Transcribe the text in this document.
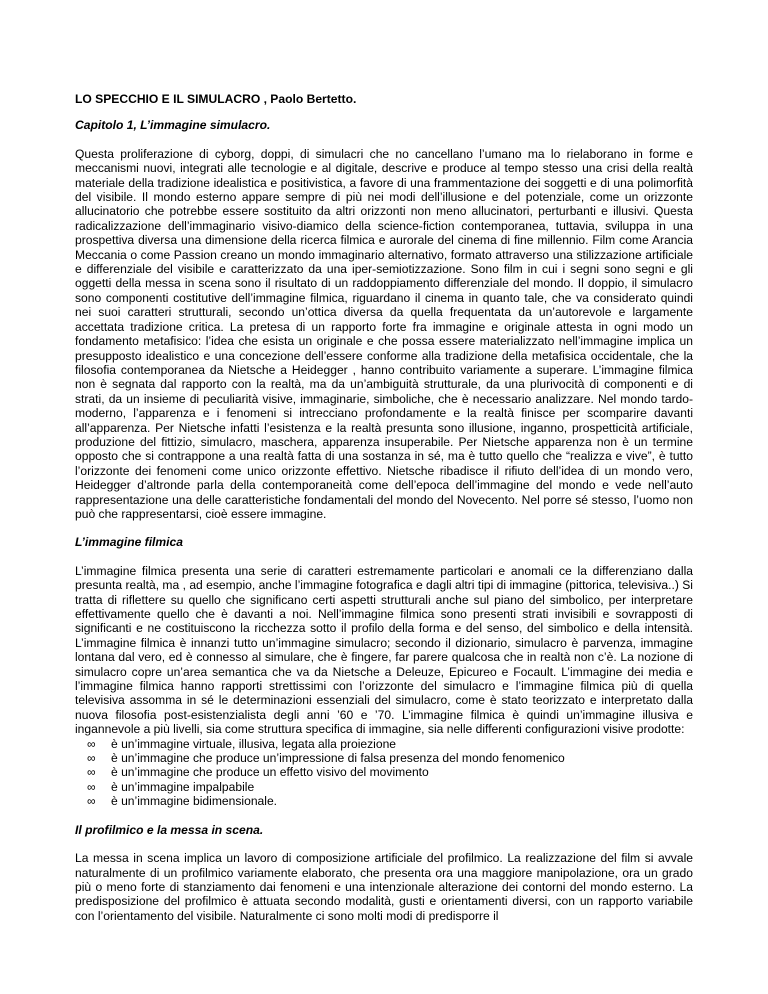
LO SPECCHIO E IL SIMULACRO , Paolo Bertetto.
Capitolo 1, L’immagine simulacro.
Questa proliferazione di cyborg, doppi, di simulacri che no cancellano l’umano ma lo rielaborano in forme e meccanismi nuovi, integrati alle tecnologie e al digitale, descrive e produce al tempo stesso una crisi della realtà materiale della tradizione idealistica e positivistica, a favore di una frammentazione dei soggetti e di una polimorfità del visibile. Il mondo esterno appare sempre di più nei modi dell’illusione e del potenziale, come un orizzonte allucinatorio che potrebbe essere sostituito da altri orizzonti non meno allucinatori, perturbanti e illusivi. Questa radicalizzazione dell’immaginario visivo-diamico della science-fiction contemporanea, tuttavia, sviluppa in una prospettiva diversa una dimensione della ricerca filmica e aurorale del cinema di fine millennio. Film come Arancia Meccania o come Passion creano un mondo immaginario alternativo, formato attraverso una stilizzazione artificiale e differenziale del visibile e caratterizzato da una iper-semiotizzazione. Sono film in cui i segni sono segni e gli oggetti della messa in scena sono il risultato di un raddoppiamento differenziale del mondo. Il doppio, il simulacro sono componenti costitutive dell’immagine filmica, riguardano il cinema in quanto tale, che va considerato quindi nei suoi caratteri strutturali, secondo un’ottica diversa da quella frequentata da un’autorevole e largamente accettata tradizione critica. La pretesa di un rapporto forte fra immagine e originale attesta in ogni modo un fondamento metafisico: l’idea che esista un originale e che possa essere materializzato nell’immagine implica un presupposto idealistico e una concezione dell’essere conforme alla tradizione della metafisica occidentale, che la filosofia contemporanea da Nietsche a Heidegger , hanno contribuito variamente a superare. L’immagine filmica non è segnata dal rapporto con la realtà, ma da un’ambiguità strutturale, da una plurivocità di componenti e di strati, da un insieme di peculiarità visive, immaginarie, simboliche, che è necessario analizzare. Nel mondo tardo-moderno, l’apparenza e i fenomeni si intrecciano profondamente e la realtà finisce per scomparire davanti all’apparenza. Per Nietsche infatti l’esistenza e la realtà presunta sono illusione, inganno, prospetticità artificiale, produzione del fittizio, simulacro, maschera, apparenza insuperabile. Per Nietsche apparenza non è un termine opposto che si contrappone a una realtà fatta di una sostanza in sé, ma è tutto quello che “realizza e vive”, è tutto l’orizzonte dei fenomeni come unico orizzonte effettivo. Nietsche ribadisce il rifiuto dell’idea di un mondo vero, Heidegger d’altronde parla della contemporaneità come dell’epoca dell’immagine del mondo e vede nell’auto rappresentazione una delle caratteristiche fondamentali del mondo del Novecento. Nel porre sé stesso, l’uomo non può che rappresentarsi, cioè essere immagine.
L’immagine filmica
L’immagine filmica presenta una serie di caratteri estremamente particolari e anomali ce la differenziano dalla presunta realtà, ma , ad esempio, anche l’immagine fotografica e dagli altri tipi di immagine (pittorica, televisiva..) Si tratta di riflettere su quello che significano certi aspetti strutturali anche sul piano del simbolico, per interpretare effettivamente quello che è davanti a noi. Nell’immagine filmica sono presenti strati invisibili e sovrapposti di significanti e ne costituiscono la ricchezza sotto il profilo della forma e del senso, del simbolico e della intensità. L’immagine filmica è innanzi tutto un’immagine simulacro; secondo il dizionario, simulacro è parvenza, immagine lontana dal vero, ed è connesso al simulare, che è fingere, far parere qualcosa che in realtà non c’è. La nozione di simulacro copre un’area semantica che va da Nietsche a Deleuze, Epicureo e Focault. L’immagine dei media e l’immagine filmica hanno rapporti strettissimi con l’orizzonte del simulacro e l’immagine filmica più di quella televisiva assomma in sé le determinazioni essenziali del simulacro, come è stato teorizzato e interpretato dalla nuova filosofia post-esistenzialista degli anni ’60 e ’70. L’immagine filmica è quindi un’immagine illusiva e ingannevole a più livelli, sia come struttura specifica di immagine, sia nelle differenti configurazioni visive prodotte:
∞ è un’immagine virtuale, illusiva, legata alla proiezione
∞ è un’immagine che produce un’impressione di falsa presenza del mondo fenomenico
∞ è un’immagine che produce un effetto visivo del movimento
∞ è un’immagine impalpabile
∞ è un’immagine bidimensionale.
Il profilmico e la messa in scena.
La messa in scena implica un lavoro di composizione artificiale del profilmico. La realizzazione del film si avvale naturalmente di un profilmico variamente elaborato, che presenta ora una maggiore manipolazione, ora un grado più o meno forte di stanziamento dai fenomeni e una intenzionale alterazione dei contorni del mondo esterno. La predisposizione del profilmico è attuata secondo modalità, gusti e orientamenti diversi, con un rapporto variabile con l’orientamento del visibile. Naturalmente ci sono molti modi di predisporre il
